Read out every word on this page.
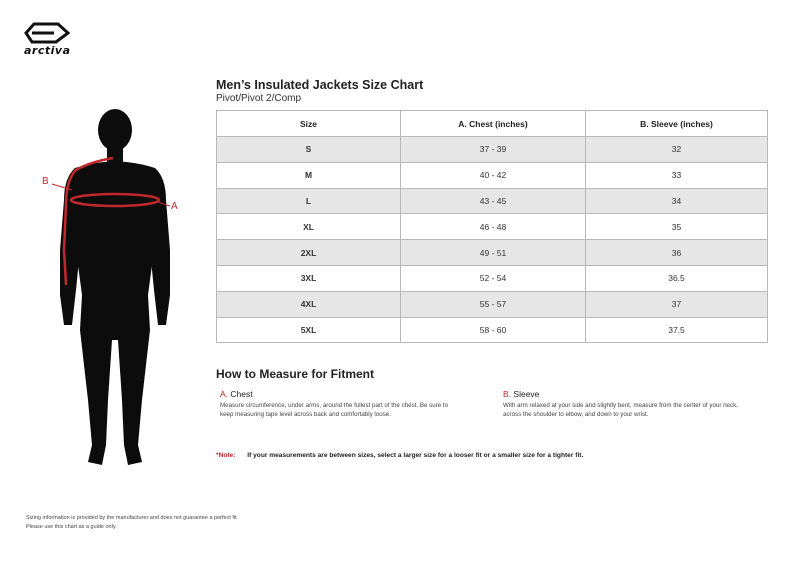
arctiva
B
A
Men’s Insulated Jackets Size Chart
Pivot/Pivot 2/Comp
Size	A. Chest (inches)	B. Sleeve (inches)
S	37 - 39	32
M	40 - 42	33
L	43 - 45	34
XL	46 - 48	35
2XL	49 - 51	36
3XL	52 - 54	36.5
4XL	55 - 57	37
5XL	58 - 60	37.5
How to Measure for Fitment
A. Chest
Measure circumference, under arms, around the fullest part of the chest. Be sure to
keep measuring tape level across back and comfortably loose.
B. Sleeve
With arm relaxed at your side and slightly bent, measure from the center of your neck,
across the shoulder to elbow, and down to your wrist.
*Note: If your measurements are between sizes, select a larger size for a looser fit or a smaller size for a tighter fit.
Sizing information is provided by the manufacturer and does not guarantee a perfect fit.
Please use this chart as a guide only.
